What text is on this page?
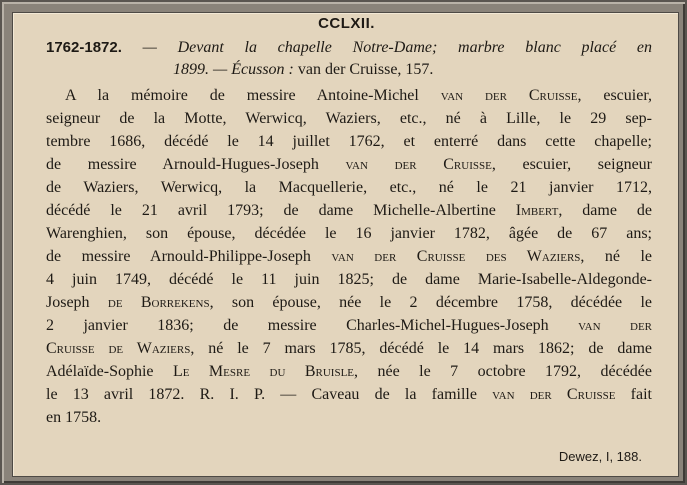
CCLXII.
1762-1872. — Devant la chapelle Notre-Dame; marbre blanc placé en
1899. — Écusson : van der Cruisse, 157.
A la mémoire de messire Antoine-Michel van der Cruisse, escuier,
seigneur de la Motte, Werwicq, Waziers, etc., né à Lille, le 29 sep-
tembre 1686, décédé le 14 juillet 1762, et enterré dans cette chapelle;
de messire Arnould-Hugues-Joseph van der Cruisse, escuier, seigneur
de Waziers, Werwicq, la Macquellerie, etc., né le 21 janvier 1712,
décédé le 21 avril 1793; de dame Michelle-Albertine Imbert, dame de
Warenghien, son épouse, décédée le 16 janvier 1782, âgée de 67 ans;
de messire Arnould-Philippe-Joseph van der Cruisse des Waziers, né le
4 juin 1749, décédé le 11 juin 1825; de dame Marie-Isabelle-Aldegonde-
Joseph de Borrekens, son épouse, née le 2 décembre 1758, décédée le
2 janvier 1836; de messire Charles-Michel-Hugues-Joseph van der
Cruisse de Waziers, né le 7 mars 1785, décédé le 14 mars 1862; de dame
Adélaïde-Sophie Le Mesre du Bruisle, née le 7 octobre 1792, décédée
le 13 avril 1872. R. I. P. — Caveau de la famille van der Cruisse fait
en 1758.
Dewez, I, 188.
